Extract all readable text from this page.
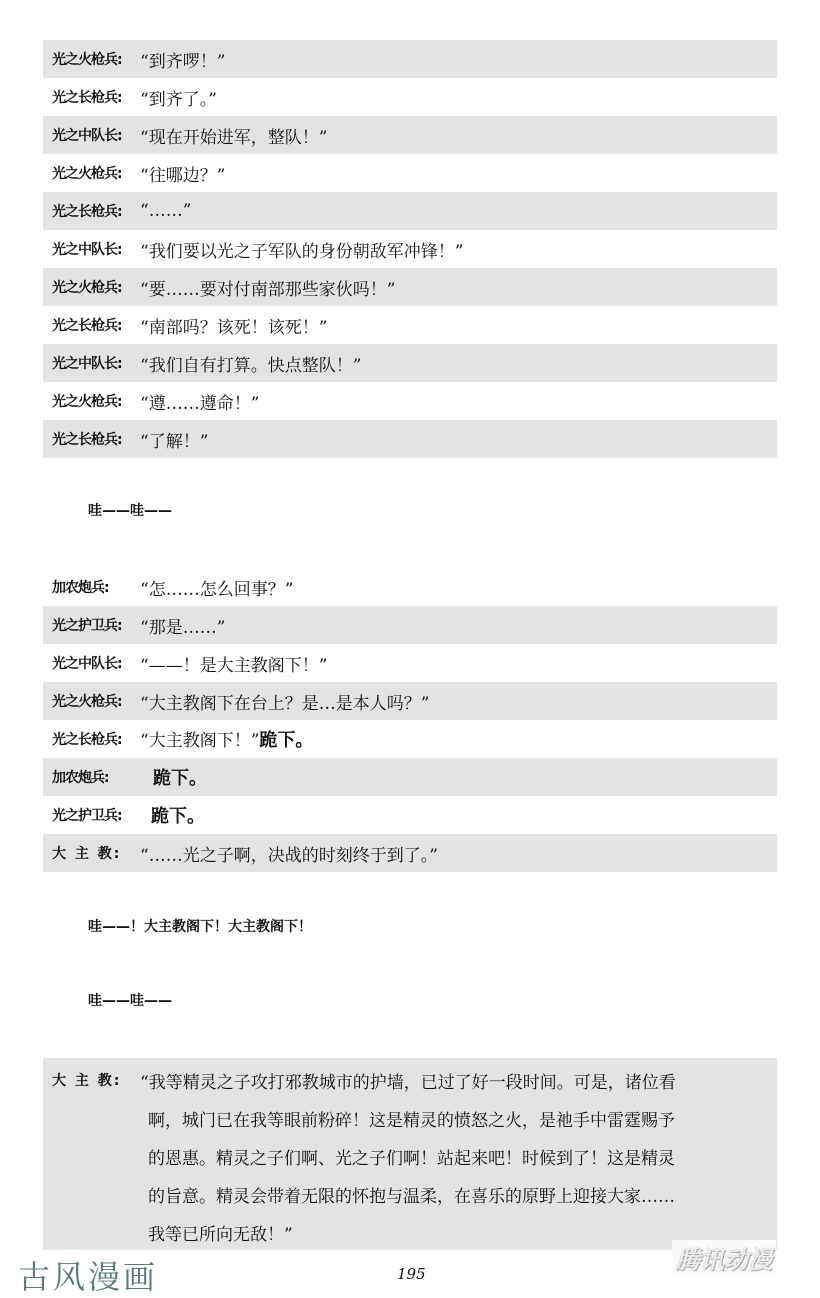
光之火枪兵: “到齐啰！”
光之长枪兵: “到齐了。”
光之中队长: “现在开始进军，整队！”
光之火枪兵: “往哪边？”
光之长枪兵: “……”
光之中队长: “我们要以光之子军队的身份朝敌军冲锋！”
光之火枪兵: “要……要对付南部那些家伙吗！”
光之长枪兵: “南部吗？该死！该死！”
光之中队长: “我们自有打算。快点整队！”
光之火枪兵: “遵……遵命！”
光之长枪兵: “了解！”
哇——哇——
加农炮兵: “怎……怎么回事？”
光之护卫兵: “那是……”
光之中队长: “——！是大主教阁下！”
光之火枪兵: “大主教阁下在台上？是…是本人吗？”
光之长枪兵: “大主教阁下！”跪下。
加农炮兵: 跪下。
光之护卫兵: 跪下。
大 主 教: “……光之子啊，决战的时刻终于到了。”
哇——！大主教阁下！大主教阁下！
哇——哇——
大 主 教: “我等精灵之子攻打邪教城市的护墙，已过了好一段时间。可是，诸位看
啊，城门已在我等眼前粉碎！这是精灵的愤怒之火，是祂手中雷霆赐予
的恩惠。精灵之子们啊、光之子们啊！站起来吧！时候到了！这是精灵
的旨意。精灵会带着无限的怀抱与温柔，在喜乐的原野上迎接大家……
我等已所向无敌！”
古风漫画	195	腾讯动漫
